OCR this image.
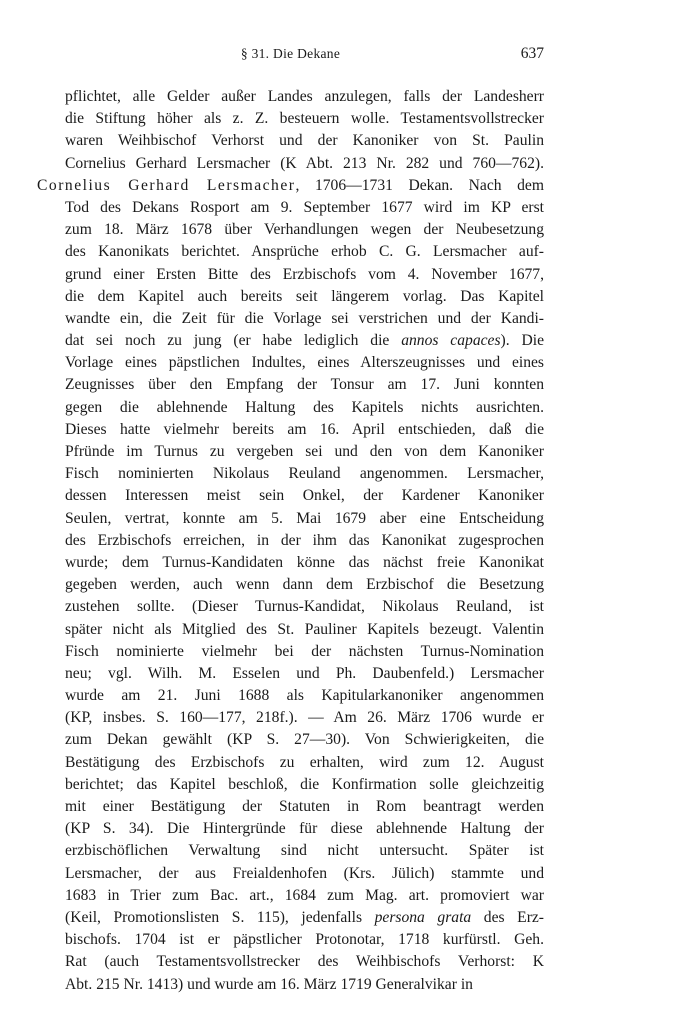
§ 31. Die Dekane	637
pflichtet, alle Gelder außer Landes anzulegen, falls der Landesherr
die Stiftung höher als z. Z. besteuern wolle. Testamentsvollstrecker
waren Weihbischof Verhorst und der Kanoniker von St. Paulin
Cornelius Gerhard Lersmacher (K Abt. 213 Nr. 282 und 760—762).
Cornelius Gerhard Lersmacher, 1706—1731 Dekan. Nach dem
Tod des Dekans Rosport am 9. September 1677 wird im KP erst
zum 18. März 1678 über Verhandlungen wegen der Neubesetzung
des Kanonikats berichtet. Ansprüche erhob C. G. Lersmacher auf-
grund einer Ersten Bitte des Erzbischofs vom 4. November 1677,
die dem Kapitel auch bereits seit längerem vorlag. Das Kapitel
wandte ein, die Zeit für die Vorlage sei verstrichen und der Kandi-
dat sei noch zu jung (er habe lediglich die annos capaces). Die
Vorlage eines päpstlichen Indultes, eines Alterszeugnisses und eines
Zeugnisses über den Empfang der Tonsur am 17. Juni konnten
gegen die ablehnende Haltung des Kapitels nichts ausrichten.
Dieses hatte vielmehr bereits am 16. April entschieden, daß die
Pfründe im Turnus zu vergeben sei und den von dem Kanoniker
Fisch nominierten Nikolaus Reuland angenommen. Lersmacher,
dessen Interessen meist sein Onkel, der Kardener Kanoniker
Seulen, vertrat, konnte am 5. Mai 1679 aber eine Entscheidung
des Erzbischofs erreichen, in der ihm das Kanonikat zugesprochen
wurde; dem Turnus-Kandidaten könne das nächst freie Kanonikat
gegeben werden, auch wenn dann dem Erzbischof die Besetzung
zustehen sollte. (Dieser Turnus-Kandidat, Nikolaus Reuland, ist
später nicht als Mitglied des St. Pauliner Kapitels bezeugt. Valentin
Fisch nominierte vielmehr bei der nächsten Turnus-Nomination
neu; vgl. Wilh. M. Esselen und Ph. Daubenfeld.) Lersmacher
wurde am 21. Juni 1688 als Kapitularkanoniker angenommen
(KP, insbes. S. 160—177, 218f.). — Am 26. März 1706 wurde er
zum Dekan gewählt (KP S. 27—30). Von Schwierigkeiten, die
Bestätigung des Erzbischofs zu erhalten, wird zum 12. August
berichtet; das Kapitel beschloß, die Konfirmation solle gleichzeitig
mit einer Bestätigung der Statuten in Rom beantragt werden
(KP S. 34). Die Hintergründe für diese ablehnende Haltung der
erzbischöflichen Verwaltung sind nicht untersucht. Später ist
Lersmacher, der aus Freialdenhofen (Krs. Jülich) stammte und
1683 in Trier zum Bac. art., 1684 zum Mag. art. promoviert war
(Keil, Promotionslisten S. 115), jedenfalls persona grata des Erz-
bischofs. 1704 ist er päpstlicher Protonotar, 1718 kurfürstl. Geh.
Rat (auch Testamentsvollstrecker des Weihbischofs Verhorst: K
Abt. 215 Nr. 1413) und wurde am 16. März 1719 Generalvikar in
